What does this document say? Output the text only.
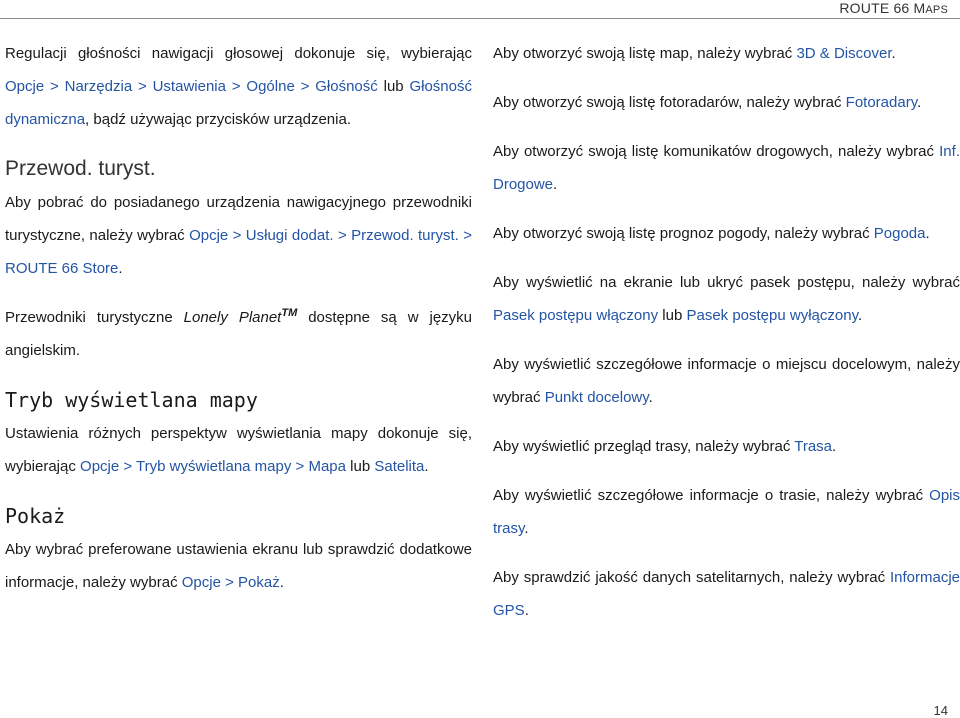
ROUTE 66 MAPS

Regulacji głośności nawigacji głosowej dokonuje się, wybierając Opcje > Narzędzia > Ustawienia > Ogólne > Głośność lub Głośność dynamiczna, bądź używając przycisków urządzenia.

Przewod. turyst.

Aby pobrać do posiadanego urządzenia nawigacyjnego przewodniki turystyczne, należy wybrać Opcje > Usługi dodat. > Przewod. turyst. > ROUTE 66 Store.

Przewodniki turystyczne Lonely Planet™ dostępne są w języku angielskim.

Tryb wyświetlana mapy

Ustawienia różnych perspektyw wyświetlania mapy dokonuje się, wybierając Opcje > Tryb wyświetlana mapy > Mapa lub Satelita.

Pokaż

Aby wybrać preferowane ustawienia ekranu lub sprawdzić dodatkowe informacje, należy wybrać Opcje > Pokaż.

Aby otworzyć swoją listę map, należy wybrać 3D & Discover.

Aby otworzyć swoją listę fotoradarów, należy wybrać Fotoradary.

Aby otworzyć swoją listę komunikatów drogowych, należy wybrać Inf. Drogowe.

Aby otworzyć swoją listę prognoz pogody, należy wybrać Pogoda.

Aby wyświetlić na ekranie lub ukryć pasek postępu, należy wybrać Pasek postępu włączony lub Pasek postępu wyłączony.

Aby wyświetlić szczegółowe informacje o miejscu docelowym, należy wybrać Punkt docelowy.

Aby wyświetlić przegląd trasy, należy wybrać Trasa.

Aby wyświetlić szczegółowe informacje o trasie, należy wybrać Opis trasy.

Aby sprawdzić jakość danych satelitarnych, należy wybrać Informacje GPS.

14
